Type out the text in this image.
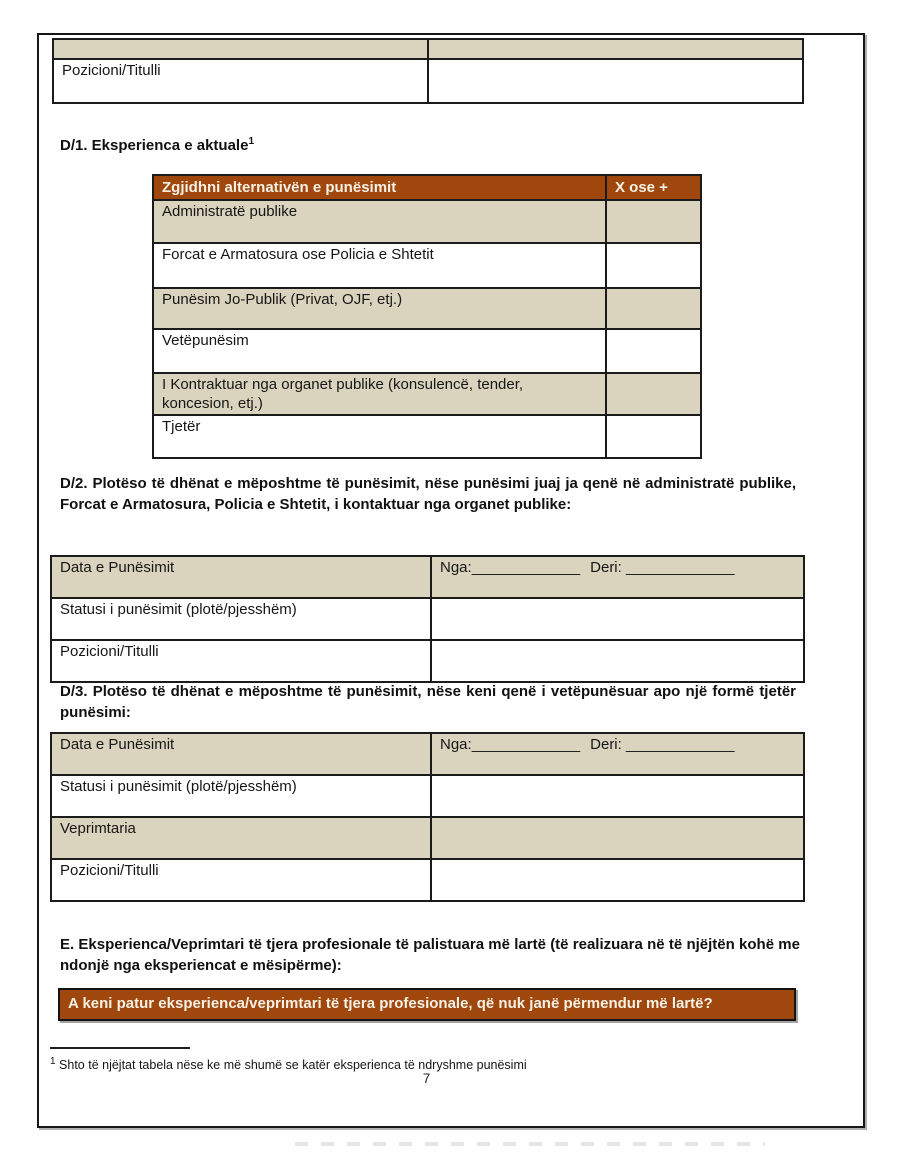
Pozicioni/Titulli	
D/1. Eksperienca e aktuale$^1$
Zgjidhni alternativën e punësimit	X ose +
Administratë publike	
Forcat e Armatosura ose Policia e Shtetit	
Punësim Jo-Publik (Privat, OJF, etj.)	
Vetëpunësim	
I Kontraktuar nga organet publike (konsulencë, tender, koncesion, etj.)	
Tjetër	
D/2. Plotëso të dhënat e mëposhtme të punësimit, nëse punësimi juaj ja qenë në administratë publike, Forcat e Armatosura, Policia e Shtetit, i kontaktuar nga organet publike:
Data e Punësimit	Nga:_____________ Deri: _____________
Statusi i punësimit (plotë/pjesshëm)	
Pozicioni/Titulli	
D/3. Plotëso të dhënat e mëposhtme të punësimit, nëse keni qenë i vetëpunësuar apo një formë tjetër punësimi:
Data e Punësimit	Nga:_____________ Deri: _____________
Statusi i punësimit (plotë/pjesshëm)	
Veprimtaria	
Pozicioni/Titulli	
E. Eksperienca/Veprimtari të tjera profesionale të palistuara më lartë (të realizuara në të njëjtën kohë me ndonjë nga eksperiencat e mësipërme):
A keni patur eksperienca/veprimtari të tjera profesionale, që nuk janë përmendur më lartë?
$^1$ Shto të njëjtat tabela nëse ke më shumë se katër eksperienca të ndryshme punësimi
7
